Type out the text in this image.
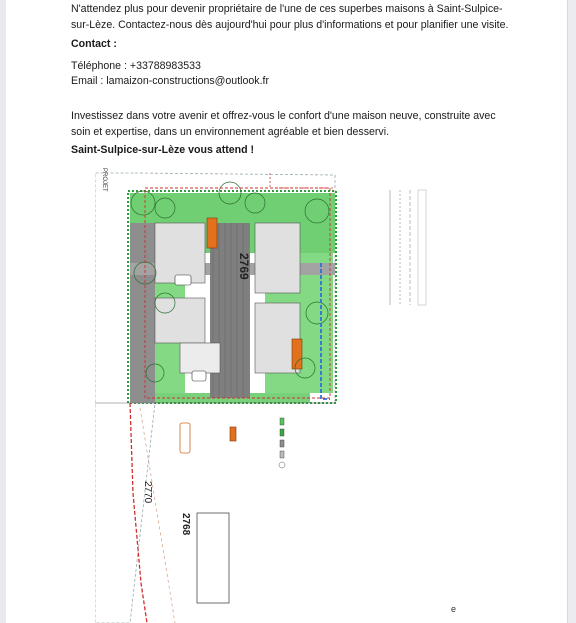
N'attendez plus pour devenir propriétaire de l'une de ces superbes maisons à Saint-Sulpice-sur-Lèze. Contactez-nous dès aujourd'hui pour plus d'informations et pour planifier une visite.

Contact :

Téléphone : +33788983533

Email : lamaizon-constructions@outlook.fr

Investissez dans votre avenir et offrez-vous le confort d'une maison neuve, construite avec soin et expertise, dans un environnement agréable et bien desservi.

Saint-Sulpice-sur-Lèze vous attend !

2769
2770
2768
PROJET
e
